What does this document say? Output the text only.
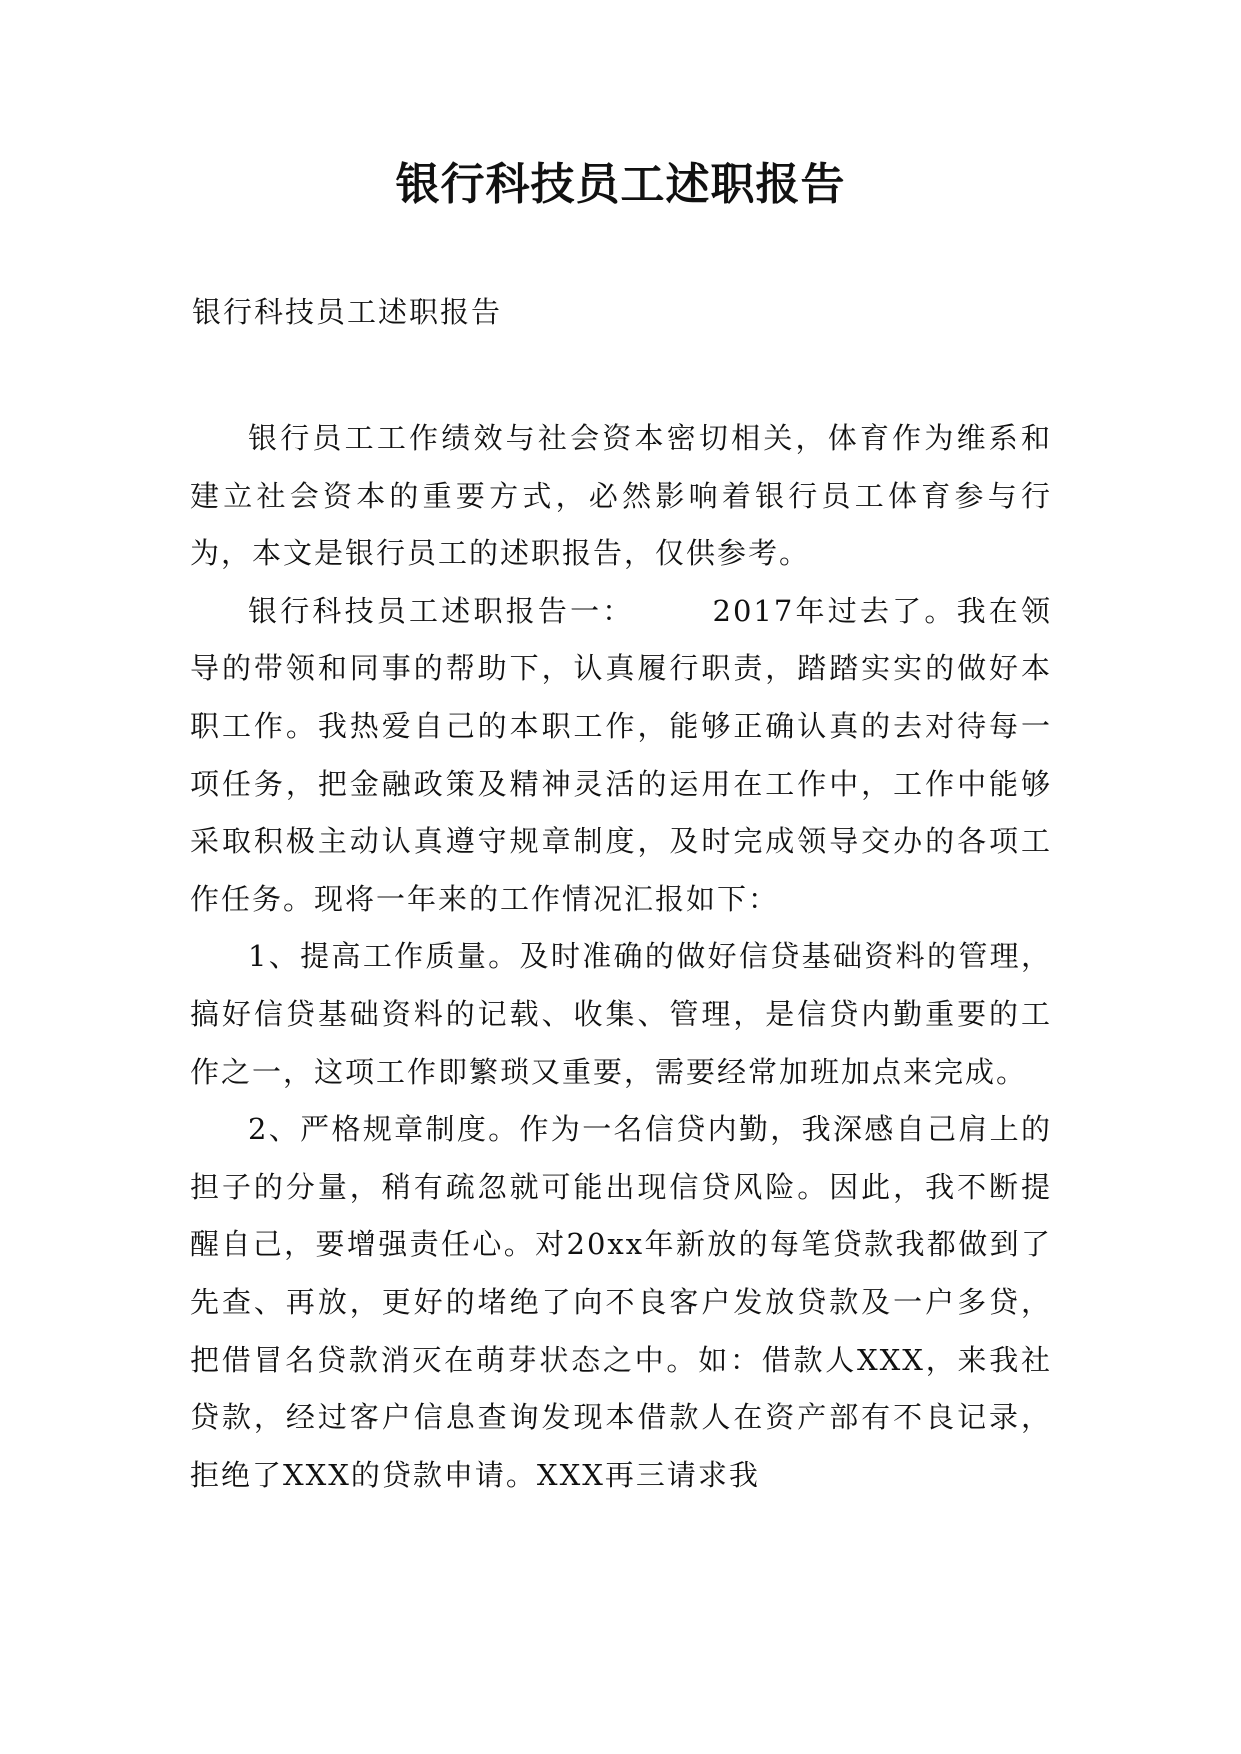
银行科技员工述职报告

银行科技员工述职报告

银行员工工作绩效与社会资本密切相关，体育作为维系和建立社会资本的重要方式，必然影响着银行员工体育参与行为，本文是银行员工的述职报告，仅供参考。

银行科技员工述职报告一：	2017年过去了。我在领导的带领和同事的帮助下，认真履行职责，踏踏实实的做好本职工作。我热爱自己的本职工作，能够正确认真的去对待每一项任务，把金融政策及精神灵活的运用在工作中，工作中能够采取积极主动认真遵守规章制度，及时完成领导交办的各项工作任务。现将一年来的工作情况汇报如下：

1、提高工作质量。及时准确的做好信贷基础资料的管理，搞好信贷基础资料的记载、收集、管理，是信贷内勤重要的工作之一，这项工作即繁琐又重要，需要经常加班加点来完成。

2、严格规章制度。作为一名信贷内勤，我深感自己肩上的担子的分量，稍有疏忽就可能出现信贷风险。因此，我不断提醒自己，要增强责任心。对20xx年新放的每笔贷款我都做到了先查、再放，更好的堵绝了向不良客户发放贷款及一户多贷，把借冒名贷款消灭在萌芽状态之中。如：借款人XXX，来我社贷款，经过客户信息查询发现本借款人在资产部有不良记录，拒绝了XXX的贷款申请。XXX再三请求我
